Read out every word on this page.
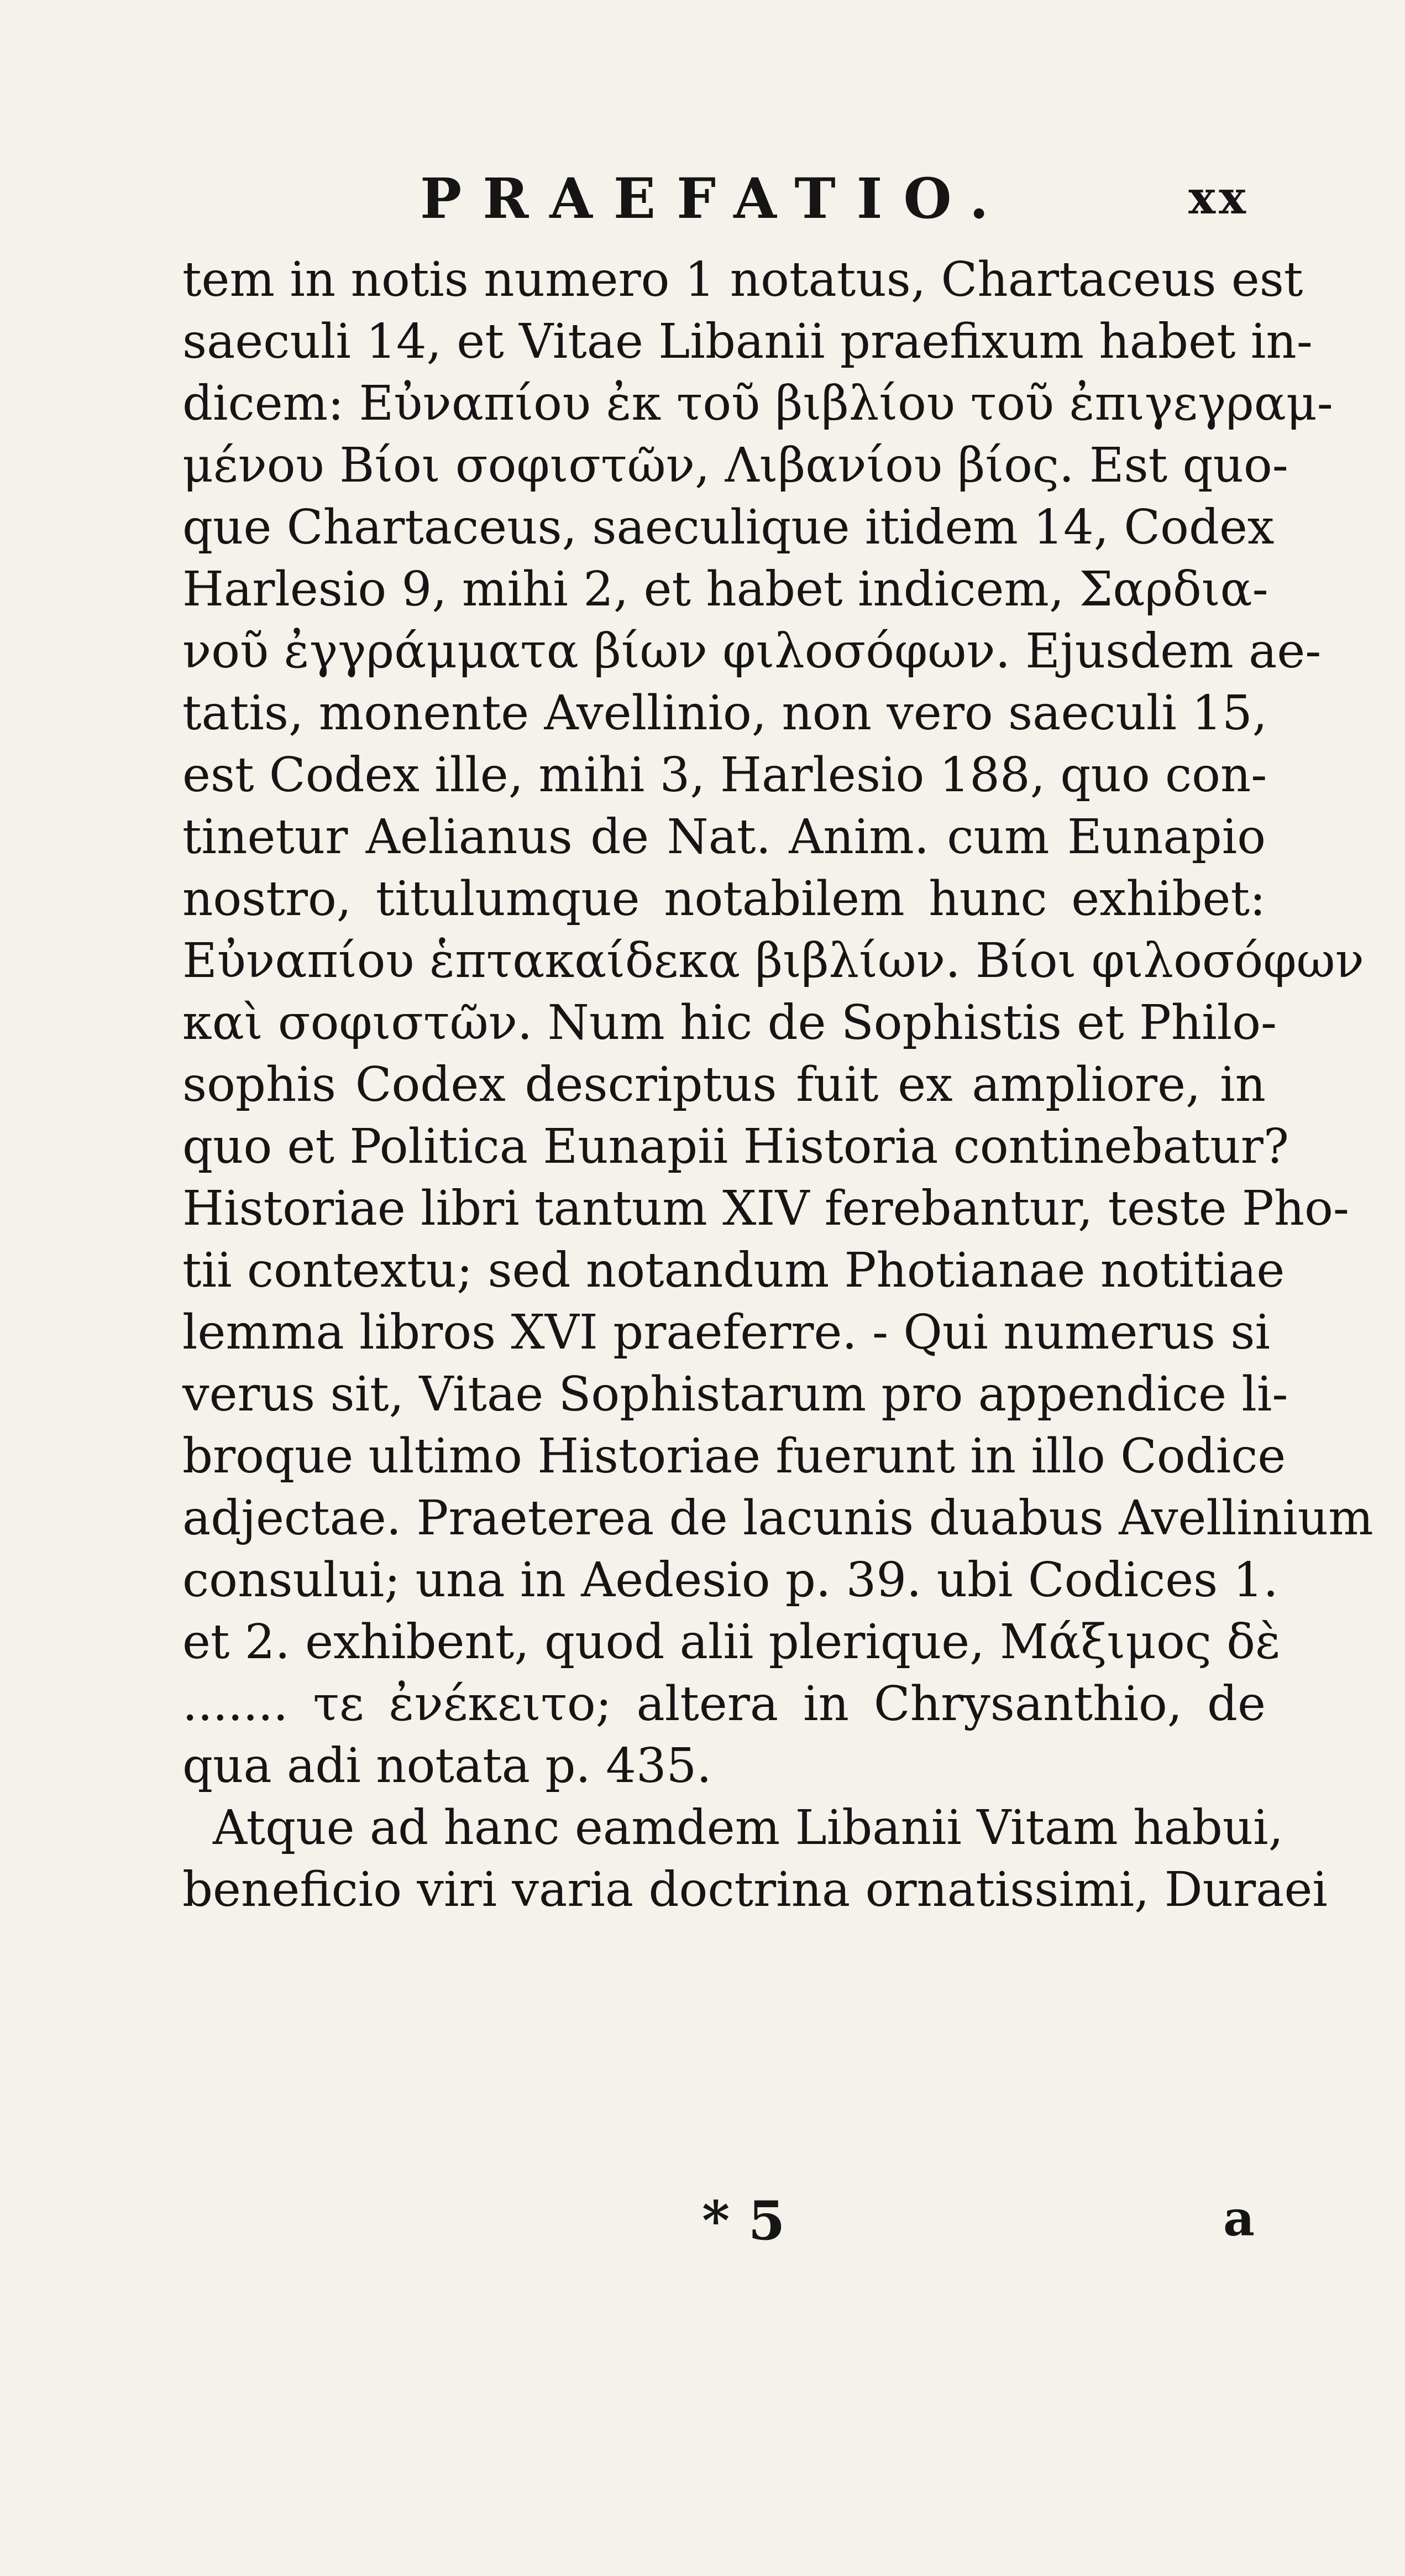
PRAEFATIO.	xx
tem in notis numero 1 notatus, Chartaceus est
saeculi 14, et Vitae Libanii praefixum habet in-
dicem: Εὐναπίου ἐκ τοῦ βιβλίου τοῦ ἐπιγεγραμ-
μένου Βίοι σοφιστῶν, Λιβανίου βίος. Est quo-
que Chartaceus, saeculique itidem 14, Codex
Harlesio 9, mihi 2, et habet indicem, Σαρδια-
νοῦ ἐγγράμματα βίων φιλοσόφων. Ejusdem ae-
tatis, monente Avellinio, non vero saeculi 15,
est Codex ille, mihi 3, Harlesio 188, quo con-
tinetur Aelianus de Nat. Anim. cum Eunapio
nostro, titulumque notabilem hunc exhibet:
Εὐναπίου ἑπτακαίδεκα βιβλίων. Βίοι φιλοσόφων
καὶ σοφιστῶν. Num hic de Sophistis et Philo-
sophis Codex descriptus fuit ex ampliore, in
quo et Politica Eunapii Historia continebatur?
Historiae libri tantum XIV ferebantur, teste Pho-
tii contextu; sed notandum Photianae notitiae
lemma libros XVI praeferre. - Qui numerus si
verus sit, Vitae Sophistarum pro appendice li-
broque ultimo Historiae fuerunt in illo Codice
adjectae. Praeterea de lacunis duabus Avellinium
consului; una in Aedesio p. 39. ubi Codices 1.
et 2. exhibent, quod alii plerique, Μάξιμος δὲ
....... τε ἐνέκειτο; altera in Chrysanthio, de
qua adi notata p. 435.
Atque ad hanc eamdem Libanii Vitam habui,
beneficio viri varia doctrina ornatissimi, Duraei
* 5	a
